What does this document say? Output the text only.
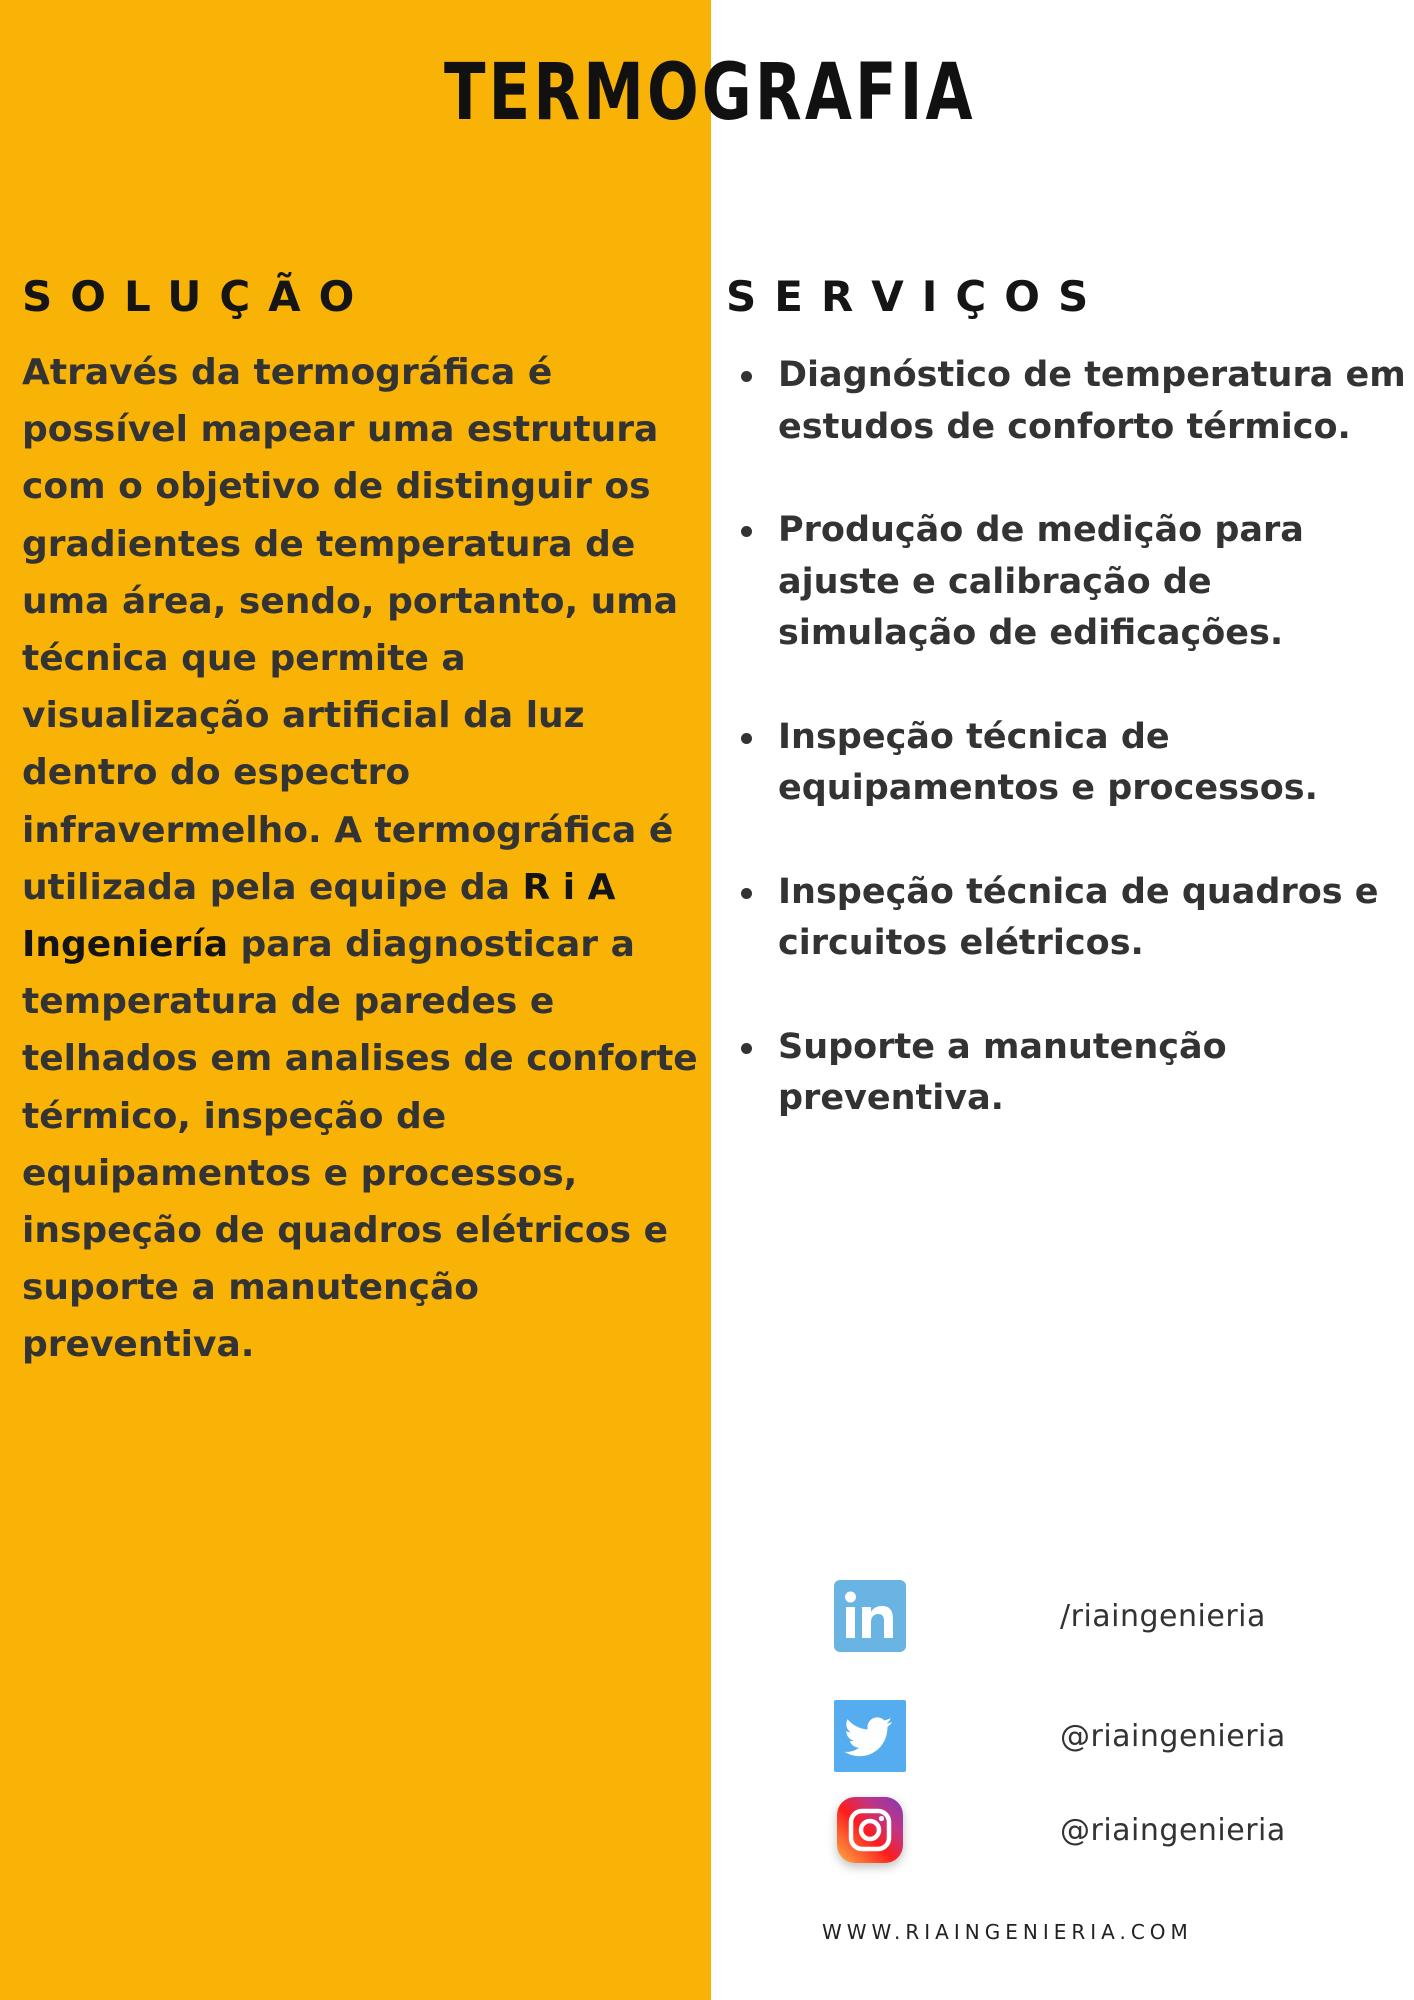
TERMOGRAFIA
SOLUÇÃO

Através da termográfica é possível mapear uma estrutura com o objetivo de distinguir os gradientes de temperatura de uma área, sendo, portanto, uma técnica que permite a visualização artificial da luz dentro do espectro infravermelho. A termográfica é utilizada pela equipe da R i A Ingeniería para diagnosticar a temperatura de paredes e telhados em analises de conforte térmico, inspeção de equipamentos e processos, inspeção de quadros elétricos e suporte a manutenção preventiva.

SERVIÇOS
Diagnóstico de temperatura em estudos de conforto térmico.
Produção de medição para ajuste e calibração de simulação de edificações.
Inspeção técnica de equipamentos e processos.
Inspeção técnica de quadros e circuitos elétricos.
Suporte a manutenção preventiva.
/riaingenieria
@riaingenieria
@riaingenieria

WWW.RIAINGENIERIA.COM
